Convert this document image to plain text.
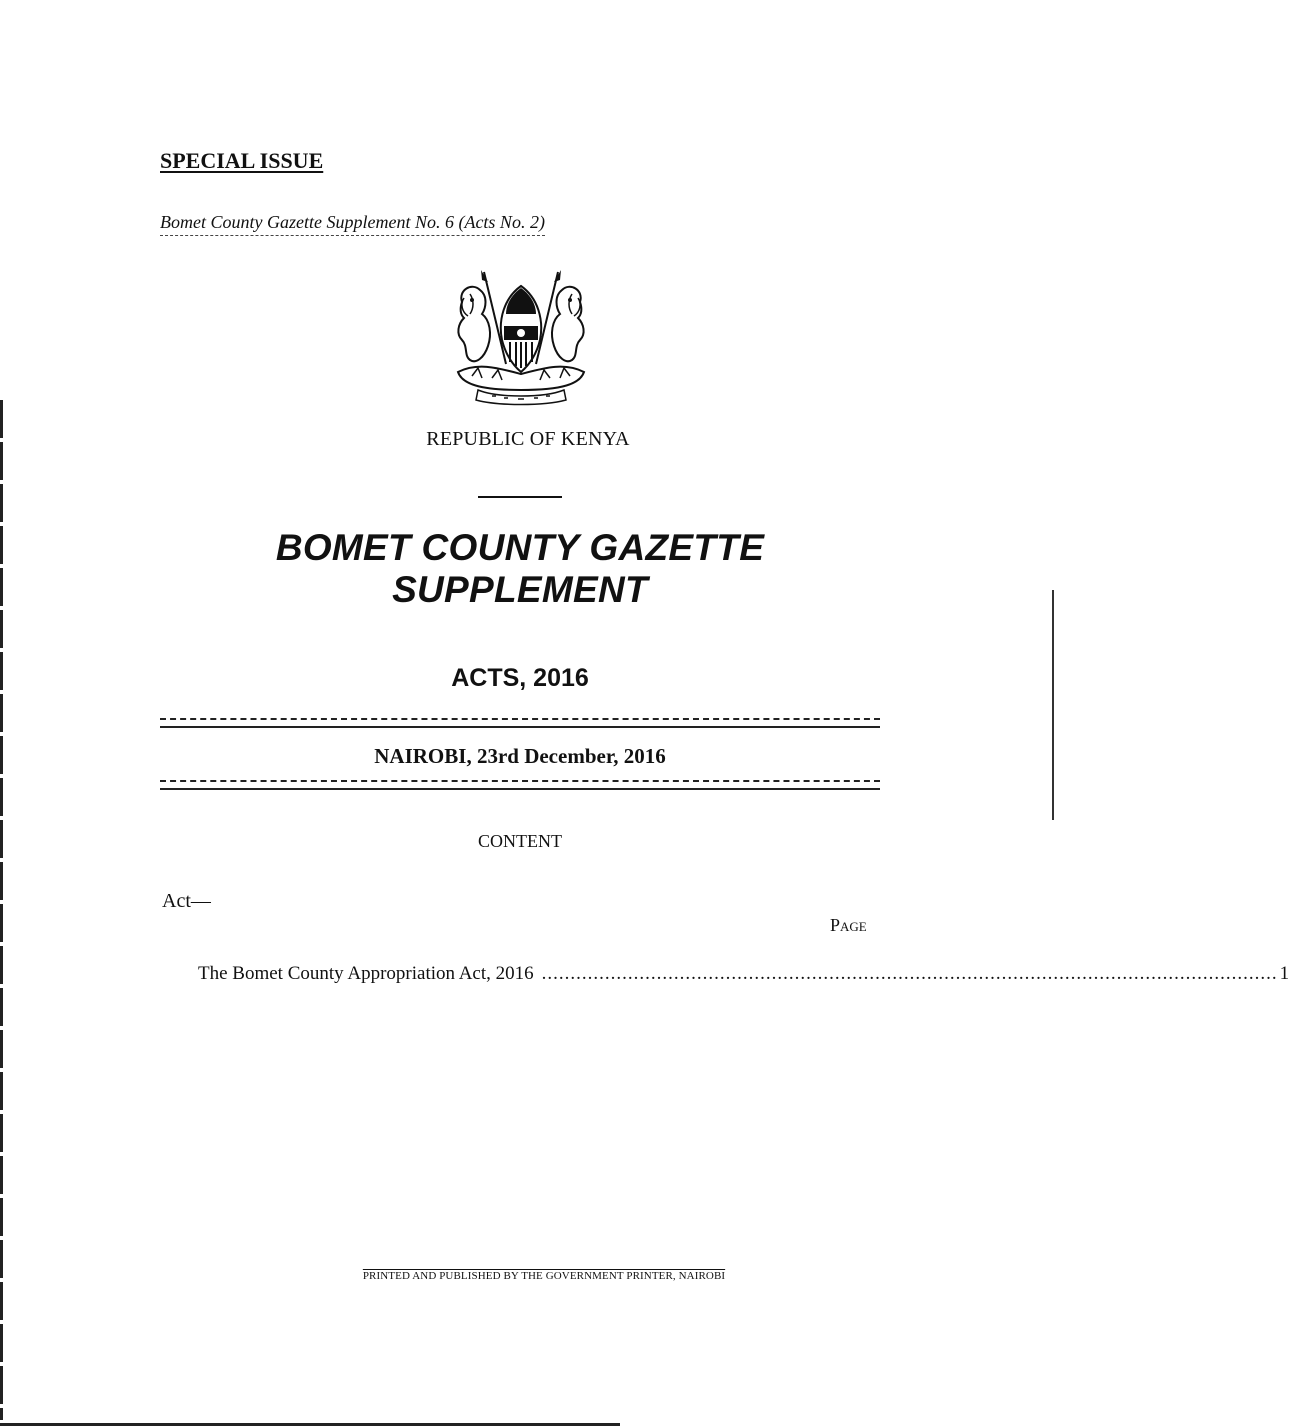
SPECIAL ISSUE
Bomet County Gazette Supplement No. 6 (Acts No. 2)
REPUBLIC OF KENYA
BOMET COUNTY GAZETTE
SUPPLEMENT
ACTS, 2016
NAIROBI, 23rd December, 2016
CONTENT
Act—
Page
The Bomet County Appropriation Act, 2016 ................................................................................................................................ 1
PRINTED AND PUBLISHED BY THE GOVERNMENT PRINTER, NAIROBI
